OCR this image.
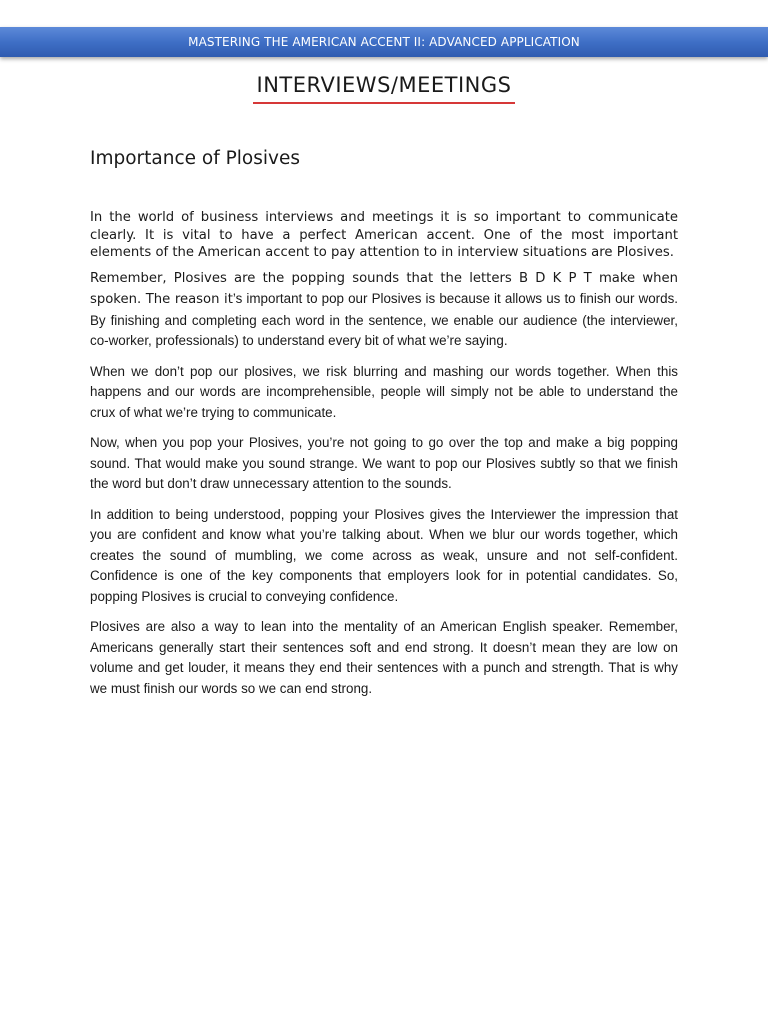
MASTERING THE AMERICAN ACCENT II: ADVANCED APPLICATION
INTERVIEWS/MEETINGS
Importance of Plosives

In the world of business interviews and meetings it is so important to communicate clearly. It is vital to have a perfect American accent. One of the most important elements of the American accent to pay attention to in interview situations are Plosives.

Remember, Plosives are the popping sounds that the letters B D K P T make when spoken. The reason it’s important to pop our Plosives is because it allows us to finish our words. By finishing and completing each word in the sentence, we enable our audience (the interviewer, co-worker, professionals) to understand every bit of what we’re saying.

When we don’t pop our plosives, we risk blurring and mashing our words together. When this happens and our words are incomprehensible, people will simply not be able to understand the crux of what we’re trying to communicate.

Now, when you pop your Plosives, you’re not going to go over the top and make a big popping sound. That would make you sound strange. We want to pop our Plosives subtly so that we finish the word but don’t draw unnecessary attention to the sounds.

In addition to being understood, popping your Plosives gives the Interviewer the impression that you are confident and know what you’re talking about. When we blur our words together, which creates the sound of mumbling, we come across as weak, unsure and not self-confident. Confidence is one of the key components that employers look for in potential candidates. So, popping Plosives is crucial to conveying confidence.

Plosives are also a way to lean into the mentality of an American English speaker. Remember, Americans generally start their sentences soft and end strong. It doesn’t mean they are low on volume and get louder, it means they end their sentences with a punch and strength. That is why we must finish our words so we can end strong.
